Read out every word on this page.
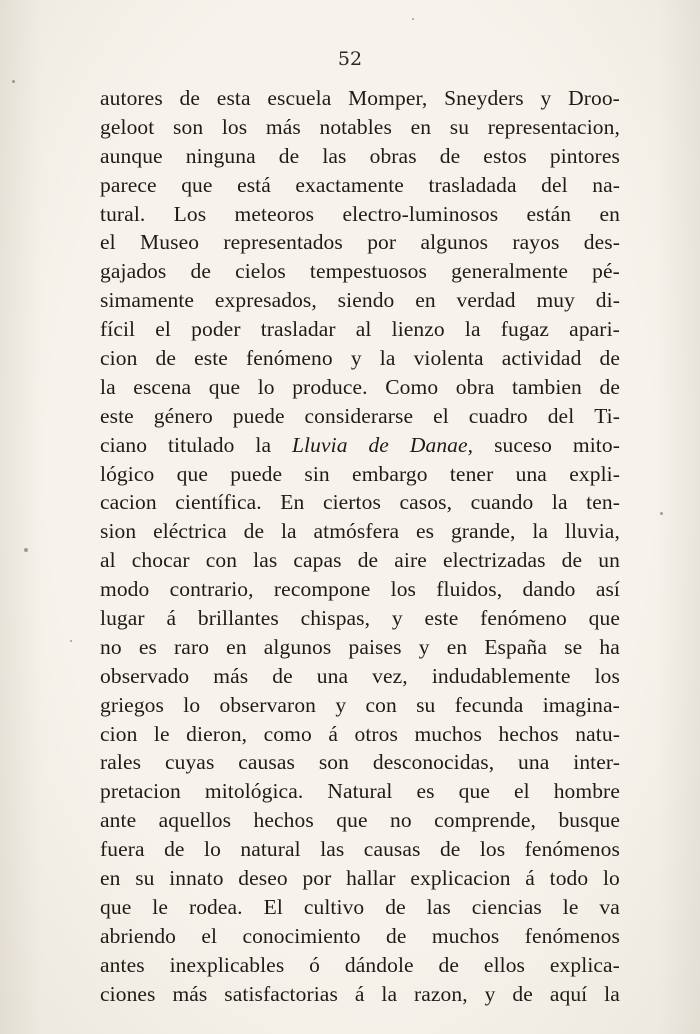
52
autores de esta escuela Momper, Sneyders y Droo-
geloot son los más notables en su representacion,
aunque ninguna de las obras de estos pintores
parece que está exactamente trasladada del na-
tural. Los meteoros electro-luminosos están en
el Museo representados por algunos rayos des-
gajados de cielos tempestuosos generalmente pé-
simamente expresados, siendo en verdad muy di-
fícil el poder trasladar al lienzo la fugaz apari-
cion de este fenómeno y la violenta actividad de
la escena que lo produce. Como obra tambien de
este género puede considerarse el cuadro del Ti-
ciano titulado la Lluvia de Danae, suceso mito-
lógico que puede sin embargo tener una expli-
cacion científica. En ciertos casos, cuando la ten-
sion eléctrica de la atmósfera es grande, la lluvia,
al chocar con las capas de aire electrizadas de un
modo contrario, recompone los fluidos, dando así
lugar á brillantes chispas, y este fenómeno que
no es raro en algunos paises y en España se ha
observado más de una vez, indudablemente los
griegos lo observaron y con su fecunda imagina-
cion le dieron, como á otros muchos hechos natu-
rales cuyas causas son desconocidas, una inter-
pretacion mitológica. Natural es que el hombre
ante aquellos hechos que no comprende, busque
fuera de lo natural las causas de los fenómenos
en su innato deseo por hallar explicacion á todo lo
que le rodea. El cultivo de las ciencias le va
abriendo el conocimiento de muchos fenómenos
antes inexplicables ó dándole de ellos explica-
ciones más satisfactorias á la razon, y de aquí la
